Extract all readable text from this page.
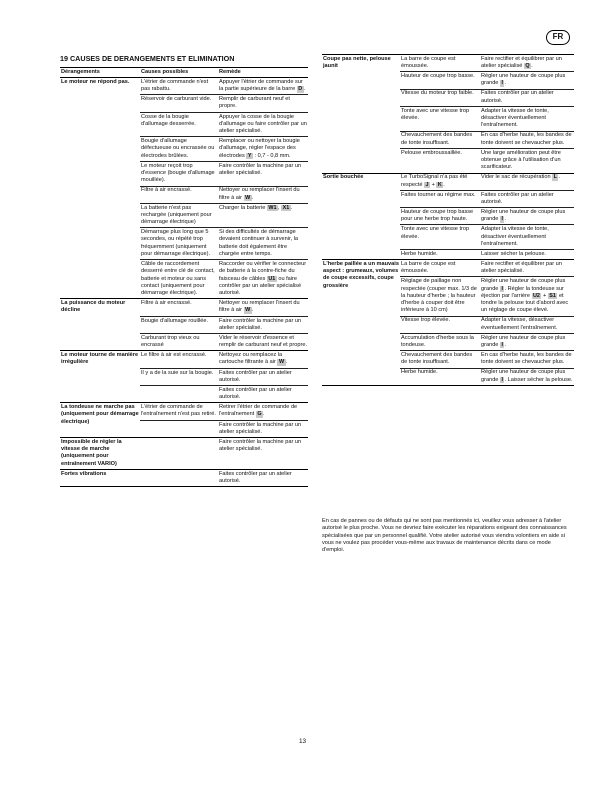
FR
19 CAUSES DE DERANGEMENTS ET ELIMINATION
Dérangements	Causes possibles	Remède
Le moteur ne répond pas.	L'étrier de commande n'est pas rabattu.	Appuyer l'étrier de commande sur la partie supérieure de la barre D .
	Réservoir de carburant vide.	Remplir de carburant neuf et propre.
	Cosse de la bougie d'allumage desserrée.	Appuyer la cosse de la bougie d'allumage ou faire contrôler par un atelier spécialisé.
	Bougie d'allumage défectueuse ou encrassée ou électrodes brûlées.	Remplacer ou nettoyer la bougie d'allumage, régler l'espace des électrodes Y : 0,7 - 0,8 mm.
	Le moteur reçoit trop d'essence (bougie d'allumage mouillée).	Faire contrôler la machine par un atelier spécialisé.
	Filtre à air encrassé.	Nettoyer ou remplacer l'insert du filtre à air W .
	La batterie n'est pas rechargée (uniquement pour démarrage électrique)	Charger la batterie W1 , X1 .
	Démarrage plus long que 5 secondes, ou répété trop fréquemment (uniquement pour démarrage électrique).	Si des difficultés de démarrage devaient continuer à survenir, la batterie doit également être chargée entre temps.
	Câble de raccordement desserré entre clé de contact, batterie et moteur ou sans contact (uniquement pour démarrage électrique).	Raccorder ou vérifier le connecteur de batterie à la contre-fiche du faisceau de câbles U1 ou faire contrôler par un atelier spécialisé autorisé.
La puissance du moteur décline	Filtre à air encrassé.	Nettoyer ou remplacer l'insert du filtre à air W .
	Bougie d'allumage rouillée.	Faire contrôler la machine par un atelier spécialisé.
	Carburant trop vieux ou encrassé	Vider le réservoir d'essence et remplir de carburant neuf et propre.
Le moteur tourne de manière irrégulière	Le filtre à air est encrassé.	Nettoyez ou remplacez la cartouche filtrante à air W .
	Il y a de la suie sur la bougie.	Faites contrôler par un atelier autorisé.
		Faites contrôler par un atelier autorisé.
La tondeuse ne marche pas (uniquement pour démarrage électrique)	L'étrier de commande de l'entraînement n'est pas retiré.	Retirer l'étrier de commande de l'entraînement G .
		Faire contrôler la machine par un atelier spécialisé.
Impossible de régler la vitesse de marche (uniquement pour entraînement VARIO)		Faire contrôler la machine par un atelier spécialisé.
Fortes vibrations		Faites contrôler par un atelier autorisé.
Coupe pas nette, pelouse jaunit	La barre de coupe est émoussée.	Faire rectifier et équilibrer par un atelier spécialisé Q .
	Hauteur de coupe trop basse.	Régler une hauteur de coupe plus grande I .
	Vitesse du moteur trop faible.	Faites contrôler par un atelier autorisé.
	Tonte avec une vitesse trop élevée.	Adapter la vitesse de tonte, désactiver éventuellement l'entraînement.
	Chevauchement des bandes de tonte insuffisant.	En cas d'herbe haute, les bandes de tonte doivent se chevaucher plus.
	Pelouse embroussaillée.	Une large amélioration peut être obtenue grâce à l'utilisation d'un scarificateur.
Sortie bouchée	Le TurboSignal n'a pas été respecté J + K .	Vider le sac de récupération L .
	Faites tourner au régime max.	Faites contrôler par un atelier autorisé.
	Hauteur de coupe trop basse pour une herbe trop haute.	Régler une hauteur de coupe plus grande I .
	Tonte avec une vitesse trop élevée.	Adapter la vitesse de tonte, désactiver éventuellement l'entraînement.
	Herbe humide.	Laisser sécher la pelouse.
L'herbe paillée a un mauvais aspect : grumeaux, volumes de coupe excessifs, coupe grossière	La barre de coupe est émoussée.	Faire rectifier et équilibrer par un atelier spécialisé.
	Réglage de paillage non respectée (couper max. 1/3 de la hauteur d'herbe ; la hauteur d'herbe à couper doit être inférieure à 10 cm)	Régler une hauteur de coupe plus grande I . Régler la tondeuse sur éjection par l'arrière U2 + S1 et tondre la pelouse tout d'abord avec un réglage de coupe élevé.
	Vitesse trop élevée.	Adapter la vitesse, désactiver éventuellement l'entraînement.
	Accumulation d'herbe sous la tondeuse.	Régler une hauteur de coupe plus grande I .
	Chevauchement des bandes de tonte insuffisant.	En cas d'herbe haute, les bandes de tonte doivent se chevaucher plus.
	Herbe humide.	Régler une hauteur de coupe plus grande I . Laisser sécher la pelouse.
En cas de pannes ou de défauts qui ne sont pas mentionnés ici, veuillez vous adresser à l'atelier autorisé le plus proche. Vous ne devriez faire exécuter les réparations exigeant des connaissances spécialisées que par un personnel qualifié. Votre atelier autorisé vous viendra volontiers en aide si vous ne voulez pas procéder vous-même aux travaux de maintenance décrits dans ce mode d'emploi.
13
